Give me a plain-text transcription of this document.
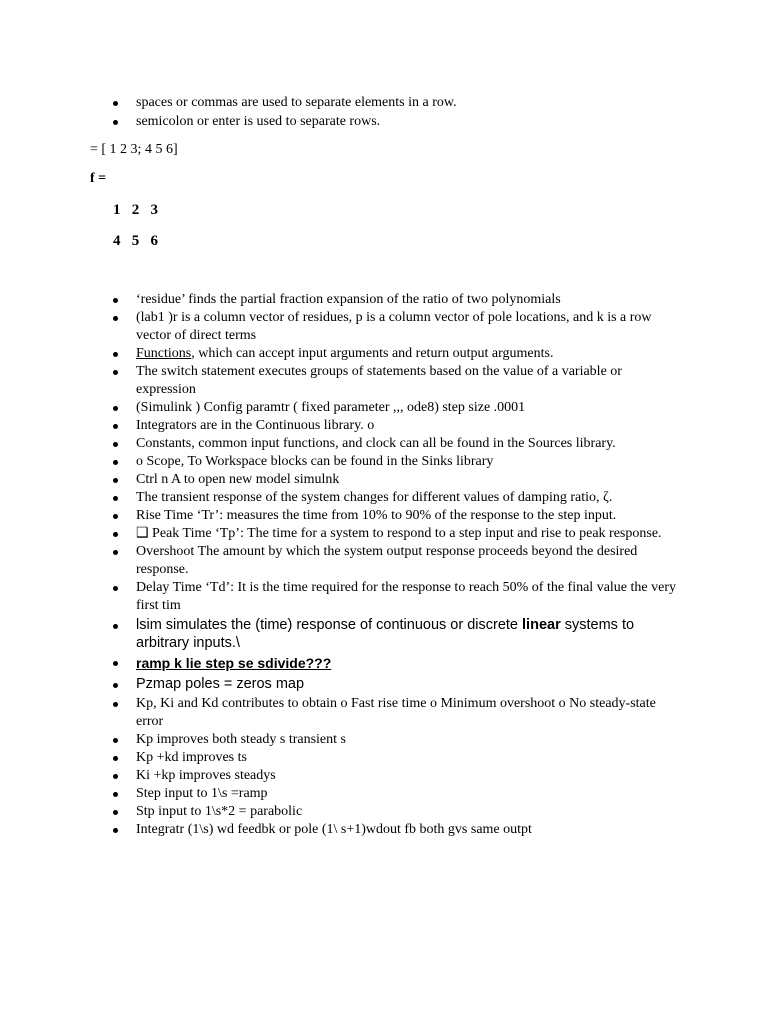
spaces or commas are used to separate elements in a row.
semicolon or enter is used to separate rows.
= [ 1 2 3; 4 5 6]
f =
1   2   3
4   5   6
‘residue’ finds the partial fraction expansion of the ratio of two polynomials
(lab1 )r is a column vector of residues, p is a column vector of pole locations, and k is a row vector of direct terms
Functions, which can accept input arguments and return output arguments.
The switch statement executes groups of statements based on the value of a variable or expression
(Simulink ) Config paramtr ( fixed parameter ,,, ode8) step size .0001
Integrators are in the Continuous library. o
Constants, common input functions, and clock can all be found in the Sources library.
o Scope, To Workspace blocks can be found in the Sinks library
Ctrl n A to open new model simulnk
The transient response of the system changes for different values of damping ratio, ζ.
Rise Time ‘Tr’: measures the time from 10% to 90% of the response to the step input.
❑ Peak Time ‘Tp’: The time for a system to respond to a step input and rise to peak response.
Overshoot The amount by which the system output response proceeds beyond the desired response.
Delay Time ‘Td’: It is the time required for the response to reach 50% of the final value the very first tim
lsim simulates the (time) response of continuous or discrete linear systems to arbitrary inputs.\
ramp k lie step se sdivide???
Pzmap poles = zeros map
Kp, Ki and Kd contributes to obtain o Fast rise time o Minimum overshoot o No steady-state error
Kp improves both steady s transient s
Kp +kd improves ts
Ki +kp improves steadys
Step input to 1\s =ramp
Stp input to 1\s*2 = parabolic
Integratr (1\s) wd feedbk or pole (1\ s+1)wdout fb both gvs same outpt
